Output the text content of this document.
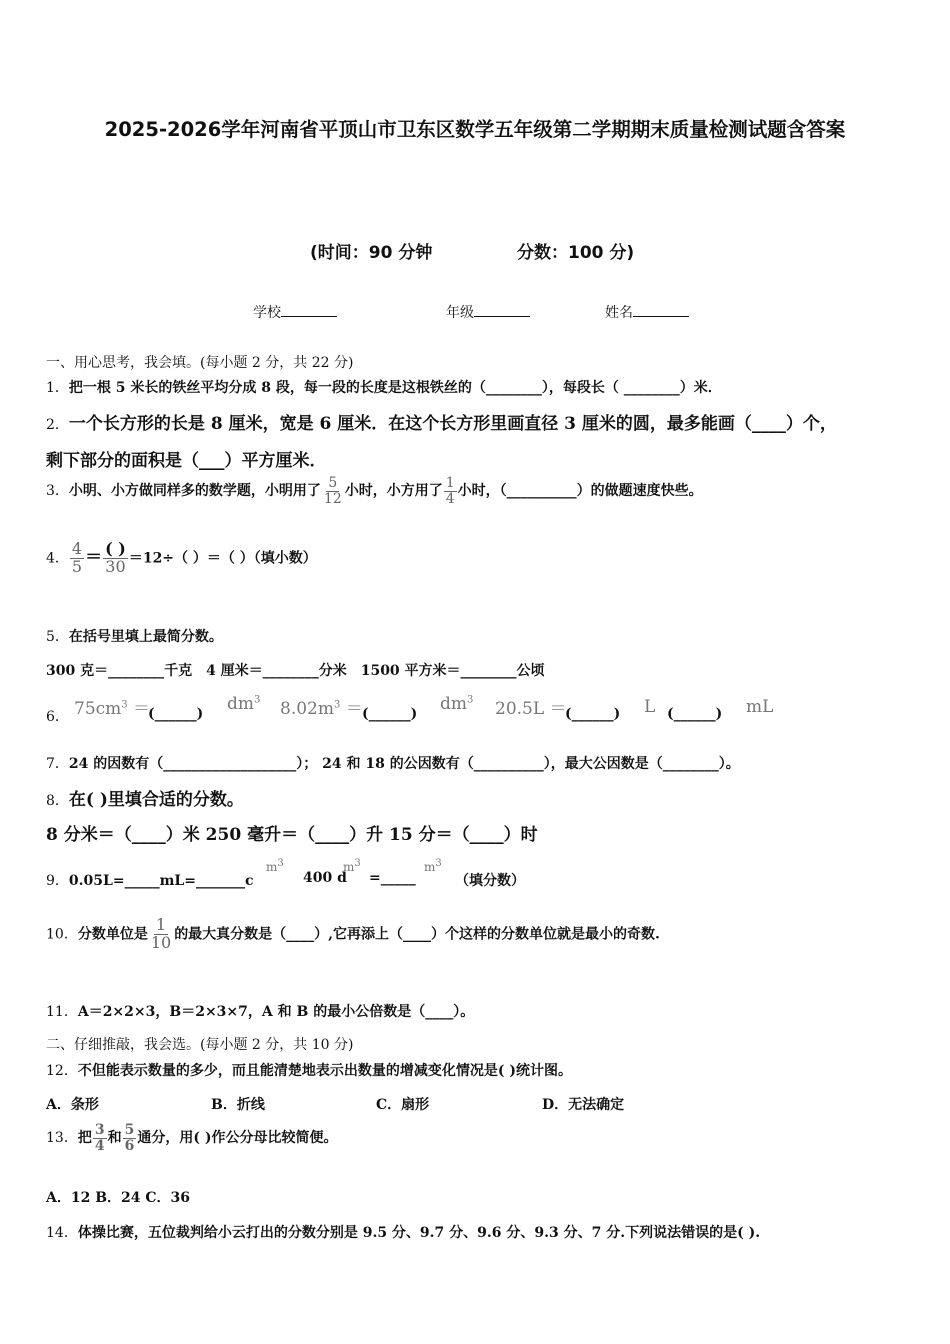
2025-2026学年河南省平顶山市卫东区数学五年级第二学期期末质量检测试题含答案
(时间：90 分钟	分数：100 分)
学校	年级	姓名
一、用心思考，我会填。(每小题 2 分，共 22 分)
1．把一根 5 米长的铁丝平均分成 8 段，每一段的长度是这根铁丝的（________），每段长（ ________）米．
2．一个长方形的长是 8 厘米，宽是 6 厘米．在这个长方形里画直径 3 厘米的圆，最多能画（____）个，
剩下部分的面积是（___）平方厘米．
3．小明、小方做同样多的数学题，小明用了 $\frac{5}{12}$ 小时，小方用了 $\frac{1}{4}$ 小时，（__________）的做题速度快些。
4． $\frac{4}{5} = \frac{( )}{30} =12\div$（ ）＝（ ）（填小数）
5．在括号里填上最简分数。
300 克＝________千克　4 厘米＝________分米　1500 平方米＝________公顷
6． $75cm^3$ ＝
(______) $dm^3$ $8.02m^3$ ＝ (______) $dm^3$ 20.5L ＝
(______) L (______) mL
7．24 的因数有（___________________）； 24 和 18 的公因数有（__________），最大公因数是（________）。
8．在( )里填合适的分数。
8 分米＝（____）米 250 毫升＝（____）升 15 分＝（____）时
9．0.05L=_____mL=_______c
$m^3$
400 d
$m^3$
=_____
$m^3$
（填分数）
10．分数单位是 $\frac{1}{10}$ 的最大真分数是（____）,它再添上（____）个这样的分数单位就是最小的奇数.
11．A＝2×2×3，B＝2×3×7，A 和 B 的最小公倍数是（____）。
二、仔细推敲，我会选。(每小题 2 分，共 10 分)
12．不但能表示数量的多少，而且能清楚地表示出数量的增减变化情况是( )统计图。
A．条形	B．折线	C．扇形	D．无法确定
13．把 $\frac{3}{4}$ 和 $\frac{5}{6}$ 通分，用( )作公分母比较简便。
A．12 B．24 C．36
14．体操比赛，五位裁判给小云打出的分数分别是 9.5 分、9.7 分、9.6 分、9.3 分、7 分.下列说法错误的是( ).
